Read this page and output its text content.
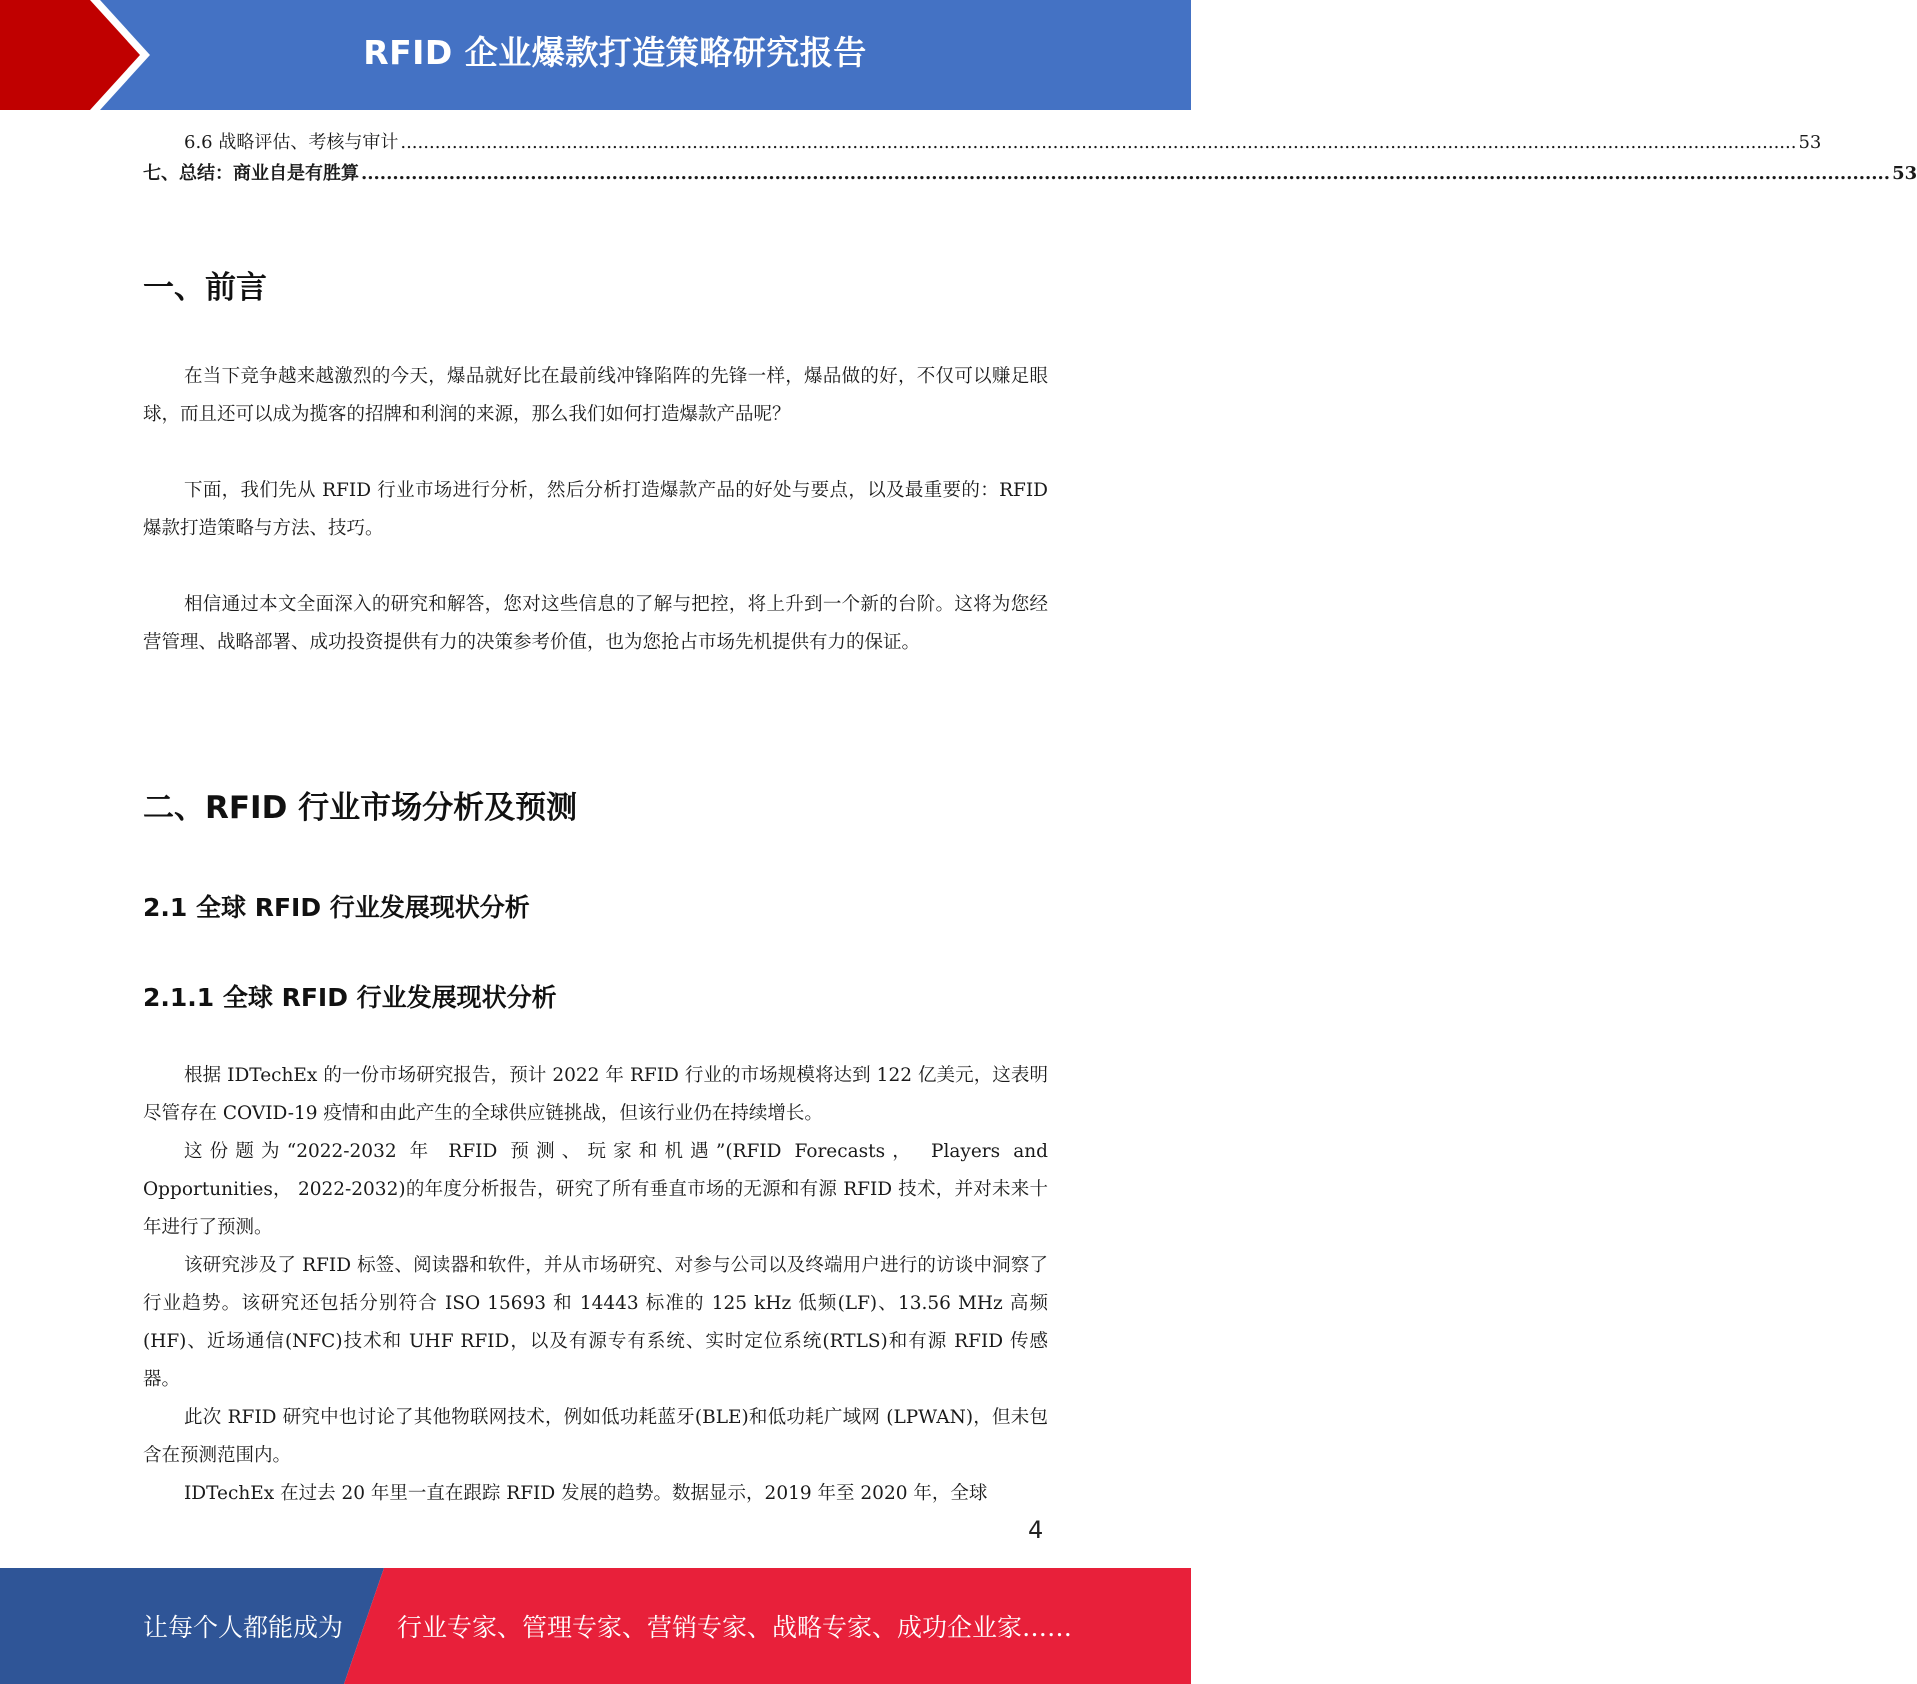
RFID 企业爆款打造策略研究报告
6.6 战略评估、考核与审计 .................................................................................................................................................................................................................................................... 53
七、总结：商业自是有胜算 .................................................................................................................................................................................................................................................... 53
一、前言
在当下竞争越来越激烈的今天，爆品就好比在最前线冲锋陷阵的先锋一样，爆品做的好，不仅可以赚足眼球，而且还可以成为揽客的招牌和利润的来源，那么我们如何打造爆款产品呢？
下面，我们先从 RFID 行业市场进行分析，然后分析打造爆款产品的好处与要点，以及最重要的：RFID 爆款打造策略与方法、技巧。
相信通过本文全面深入的研究和解答，您对这些信息的了解与把控，将上升到一个新的台阶。这将为您经营管理、战略部署、成功投资提供有力的决策参考价值，也为您抢占市场先机提供有力的保证。
二、RFID 行业市场分析及预测
2.1 全球 RFID 行业发展现状分析
2.1.1 全球 RFID 行业发展现状分析
根据 IDTechEx 的一份市场研究报告，预计 2022 年 RFID 行业的市场规模将达到 122 亿美元，这表明尽管存在 COVID-19 疫情和由此产生的全球供应链挑战，但该行业仍在持续增长。
这份题为“2022-2032 年 RFID 预测、玩家和机遇”(RFID Forecasts， Players and Opportunities， 2022-2032)的年度分析报告，研究了所有垂直市场的无源和有源 RFID 技术，并对未来十年进行了预测。
该研究涉及了 RFID 标签、阅读器和软件，并从市场研究、对参与公司以及终端用户进行的访谈中洞察了行业趋势。该研究还包括分别符合 ISO 15693 和 14443 标准的 125 kHz 低频(LF)、13.56 MHz 高频(HF)、近场通信(NFC)技术和 UHF RFID，以及有源专有系统、实时定位系统(RTLS)和有源 RFID 传感器。
此次 RFID 研究中也讨论了其他物联网技术，例如低功耗蓝牙(BLE)和低功耗广域网 (LPWAN)，但未包含在预测范围内。
IDTechEx 在过去 20 年里一直在跟踪 RFID 发展的趋势。数据显示，2019 年至 2020 年，全球
4
让每个人都能成为 行业专家、管理专家、营销专家、战略专家、成功企业家……
